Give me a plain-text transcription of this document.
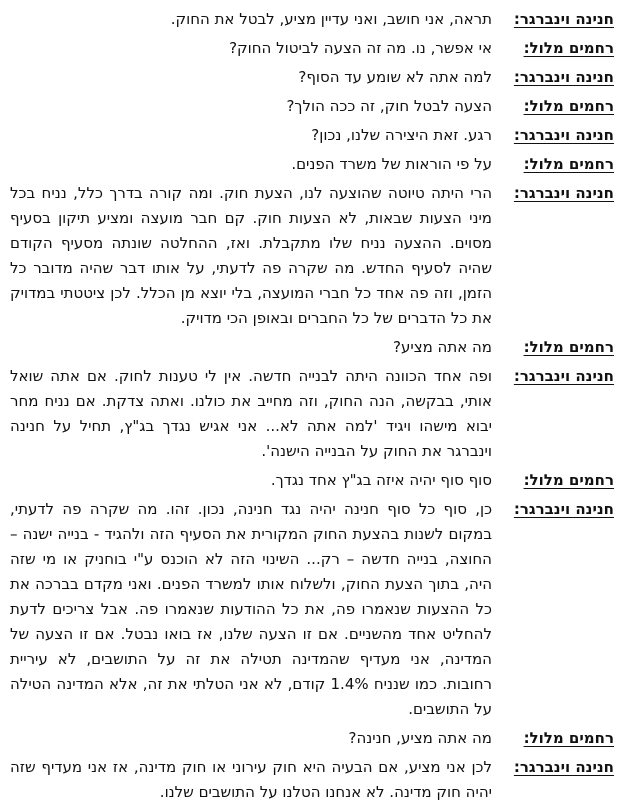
חנינה וינברגר:
תראה, אני חושב, ואני עדיין מציע, לבטל את החוק.
רחמים מלול:
אי אפשר, נו. מה זה הצעה לביטול החוק?
חנינה וינברגר:
למה אתה לא שומע עד הסוף?
רחמים מלול:
הצעה לבטל חוק, זה ככה הולך?
חנינה וינברגר:
רגע. זאת היצירה שלנו, נכון?
רחמים מלול:
על פי הוראות של משרד הפנים.
חנינה וינברגר:
הרי היתה טיוטה שהוצעה לנו, הצעת חוק. ומה קורה בדרך כלל, נניח בכל מיני הצעות שבאות, לא הצעות חוק. קם חבר מועצה ומציע תיקון בסעיף מסוים. ההצעה נניח שלו מתקבלת. ואז, ההחלטה שונתה מסעיף הקודם שהיה לסעיף החדש. מה שקרה פה לדעתי, על אותו דבר שהיה מדובר כל הזמן, וזה פה אחד כל חברי המועצה, בלי יוצא מן הכלל. לכן ציטטתי במדויק את כל הדברים של כל החברים ובאופן הכי מדויק.
רחמים מלול:
מה אתה מציע?
חנינה וינברגר:
ופה אחד הכוונה היתה לבנייה חדשה. אין לי טענות לחוק. אם אתה שואל אותי, בבקשה, הנה החוק, וזה מחייב את כולנו. ואתה צדקת. אם נניח מחר יבוא מישהו ויגיד 'למה אתה לא... אני אגיש נגדך בג"ץ, תחיל על חנינה וינברגר את החוק על הבנייה הישנה'.
רחמים מלול:
סוף סוף יהיה איזה בג"ץ אחד נגדך.
חנינה וינברגר:
כן, סוף כל סוף חנינה יהיה נגד חנינה, נכון. זהו. מה שקרה פה לדעתי, במקום לשנות בהצעת החוק המקורית את הסעיף הזה ולהגיד - בנייה ישנה – החוצה, בנייה חדשה – רק... השינוי הזה לא הוכנס ע"י בוחניק או מי שזה היה, בתוך הצעת החוק, ולשלוח אותו למשרד הפנים. ואני מקדם בברכה את כל ההצעות שנאמרו פה, את כל ההודעות שנאמרו פה. אבל צריכים לדעת להחליט אחד מהשניים. אם זו הצעה שלנו, אז בואו נבטל. אם זו הצעה של המדינה, אני מעדיף שהמדינה תטילה את זה על התושבים, לא עיריית רחובות. כמו שנניח 1.4% קודם, לא אני הטלתי את זה, אלא המדינה הטילה על התושבים.
רחמים מלול:
מה אתה מציע, חנינה?
חנינה וינברגר:
לכן אני מציע, אם הבעיה היא חוק עירוני או חוק מדינה, אז אני מעדיף שזה יהיה חוק מדינה. לא אנחנו הטלנו על התושבים שלנו.
